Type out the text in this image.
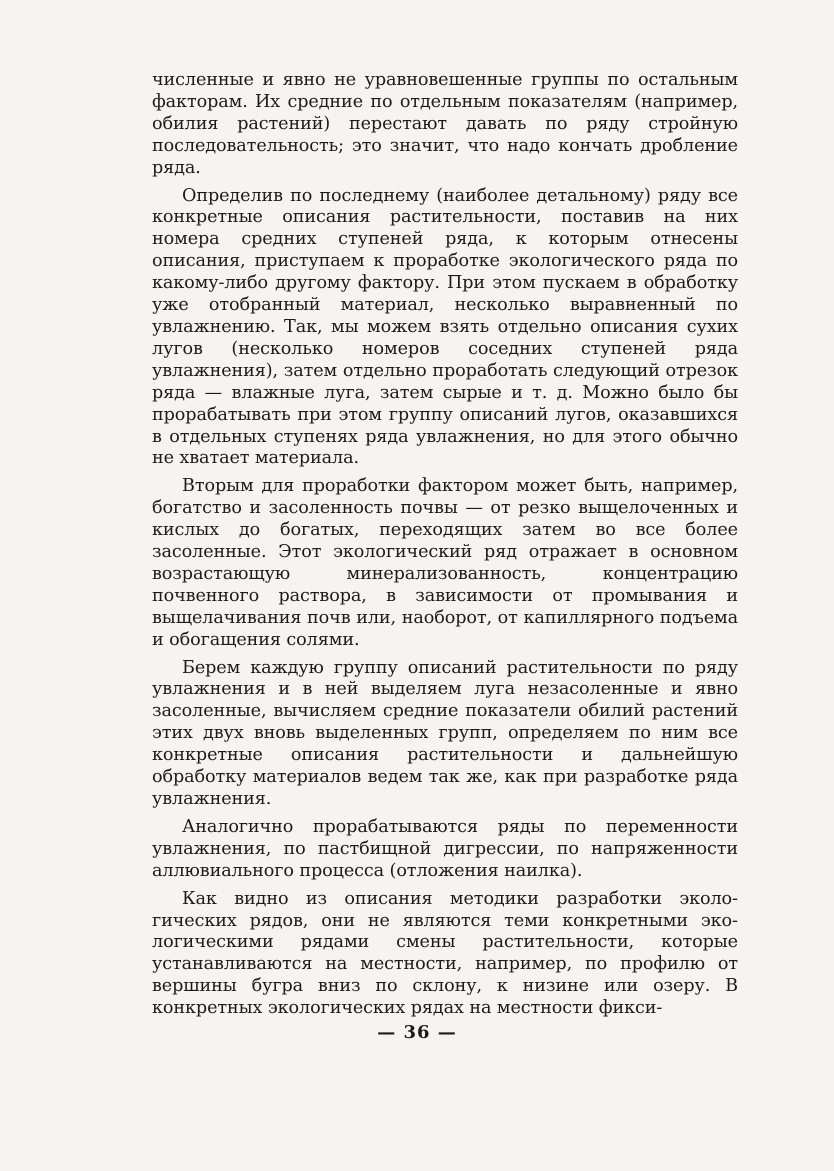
численные и явно не уравновешенные группы по остальным факторам. Их средние по отдельным показателям (например, обилия растений) перестают давать по ряду стройную последовательность; это значит, что надо кончать дробление ряда.

Определив по последнему (наиболее детальному) ряду все конкретные описания растительности, поставив на них номера средних ступеней ряда, к которым отнесены описания, приступаем к проработке экологического ряда по какому-либо другому фактору. При этом пускаем в обработку уже отобранный материал, несколько выравненный по увлажнению. Так, мы можем взять отдельно описания сухих лугов (несколько номеров соседних ступеней ряда увлажнения), затем отдельно проработать следующий отрезок ряда — влажные луга, затем сырые и т. д. Можно было бы прорабатывать при этом группу описаний лугов, оказавшихся в отдельных ступенях ряда увлажнения, но для этого обычно не хватает материала.

Вторым для проработки фактором может быть, например, богатство и засоленность почвы — от резко выщелоченных и кислых до богатых, переходящих затем во все более засоленные. Этот экологический ряд отражает в основном возрастающую минерализованность, концентрацию почвенного раствора, в зависимости от промывания и выщелачивания почв или, наоборот, от капиллярного подъема и обогащения солями.

Берем каждую группу описаний растительности по ряду увлажнения и в ней выделяем луга незасоленные и явно засоленные, вычисляем средние показатели обилий растений этих двух вновь выделенных групп, определяем по ним все конкретные описания растительности и дальнейшую обработку материалов ведем так же, как при разработке ряда увлажнения.

Аналогично прорабатываются ряды по переменности увлажнения, по пастбищной дигрессии, по напряженности аллювиального процесса (отложения наилка).

Как видно из описания методики разработки экологических рядов, они не являются теми конкретными экологическими рядами смены растительности, которые устанавливаются на местности, например, по профилю от вершины бугра вниз по склону, к низине или озеру. В конкретных экологических рядах на местности фикси-

— 36 —
